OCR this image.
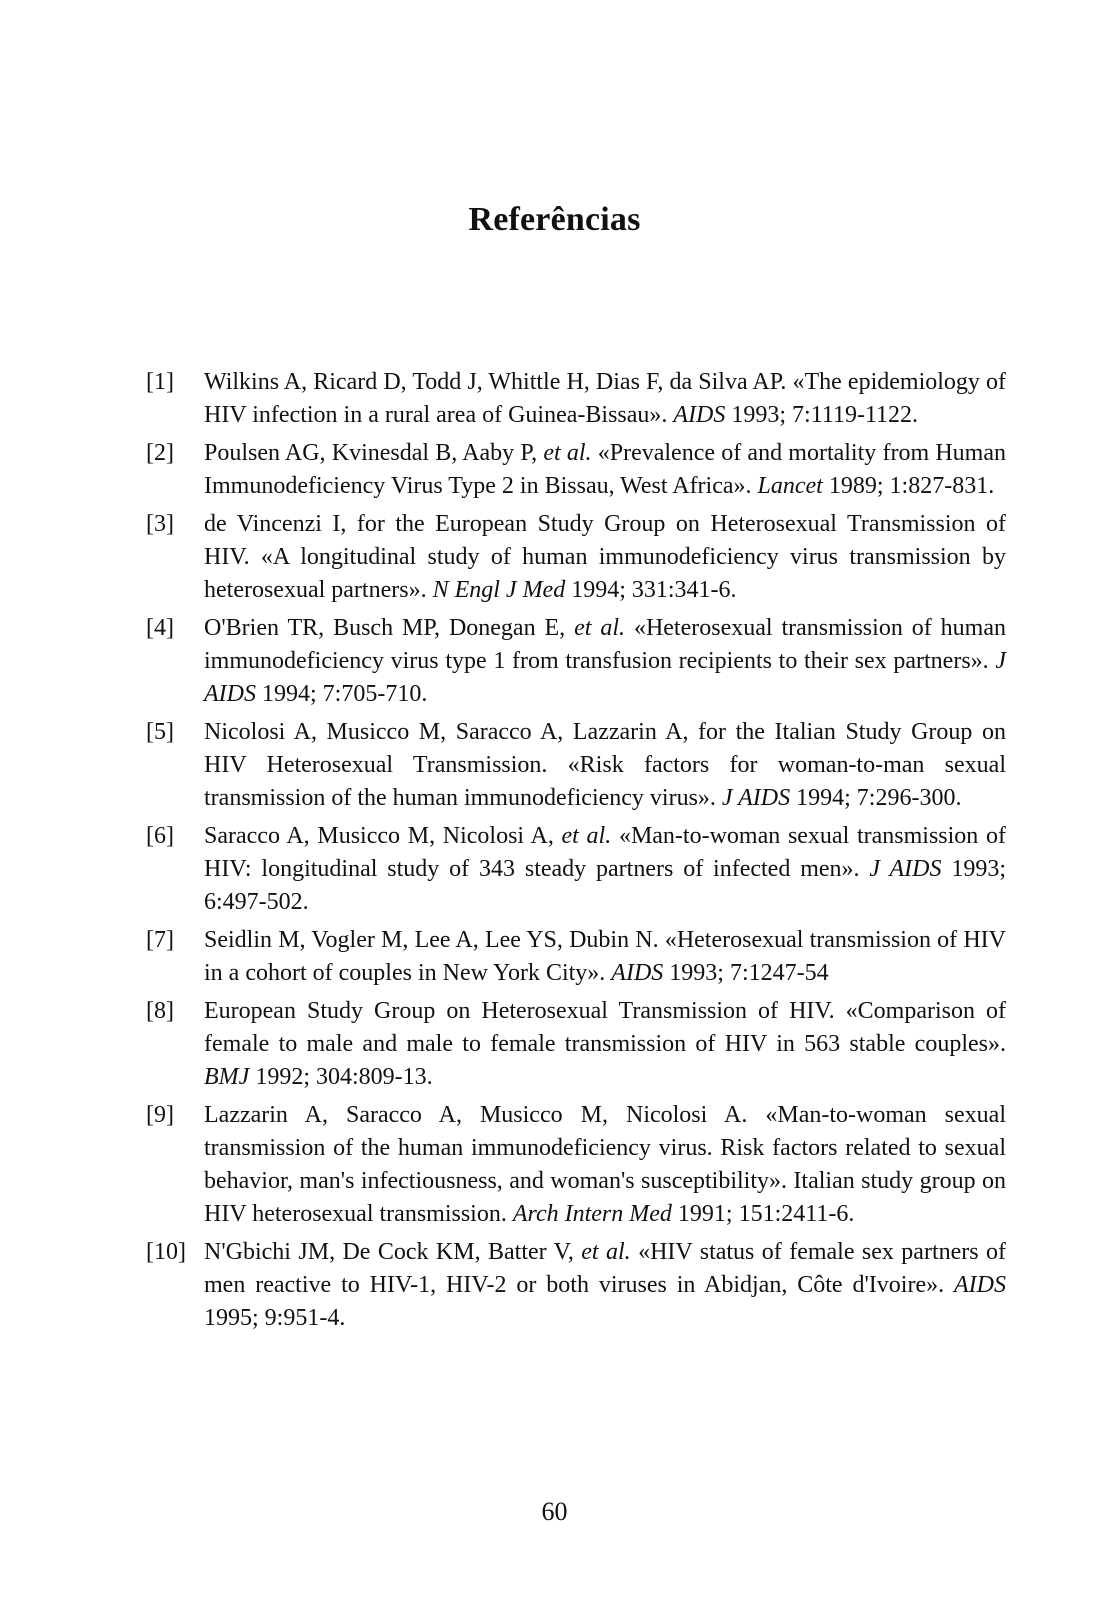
Referências
[1]	Wilkins A, Ricard D, Todd J, Whittle H, Dias F, da Silva AP. «The epidemiology of HIV infection in a rural area of Guinea-Bissau». AIDS 1993; 7:1119-1122.
[2]	Poulsen AG, Kvinesdal B, Aaby P, et al. «Prevalence of and mortality from Human Immunodeficiency Virus Type 2 in Bissau, West Africa». Lancet 1989; 1:827-831.
[3]	de Vincenzi I, for the European Study Group on Heterosexual Transmission of HIV. «A longitudinal study of human immunodeficiency virus transmission by heterosexual partners». N Engl J Med 1994; 331:341-6.
[4]	O'Brien TR, Busch MP, Donegan E, et al. «Heterosexual transmission of human immunodeficiency virus type 1 from transfusion recipients to their sex partners». J AIDS 1994; 7:705-710.
[5]	Nicolosi A, Musicco M, Saracco A, Lazzarin A, for the Italian Study Group on HIV Heterosexual Transmission. «Risk factors for woman-to-man sexual transmission of the human immunodeficiency virus». J AIDS 1994; 7:296-300.
[6]	Saracco A, Musicco M, Nicolosi A, et al. «Man-to-woman sexual transmission of HIV: longitudinal study of 343 steady partners of infected men». J AIDS 1993; 6:497-502.
[7]	Seidlin M, Vogler M, Lee A, Lee YS, Dubin N. «Heterosexual transmission of HIV in a cohort of couples in New York City». AIDS 1993; 7:1247-54
[8]	European Study Group on Heterosexual Transmission of HIV. «Comparison of female to male and male to female transmission of HIV in 563 stable couples». BMJ 1992; 304:809-13.
[9]	Lazzarin A, Saracco A, Musicco M, Nicolosi A. «Man-to-woman sexual transmission of the human immunodeficiency virus. Risk factors related to sexual behavior, man's infectiousness, and woman's susceptibility». Italian study group on HIV heterosexual transmission. Arch Intern Med 1991; 151:2411-6.
[10] N'Gbichi JM, De Cock KM, Batter V, et al. «HIV status of female sex partners of men reactive to HIV-1, HIV-2 or both viruses in Abidjan, Côte d'Ivoire». AIDS 1995; 9:951-4.
60
